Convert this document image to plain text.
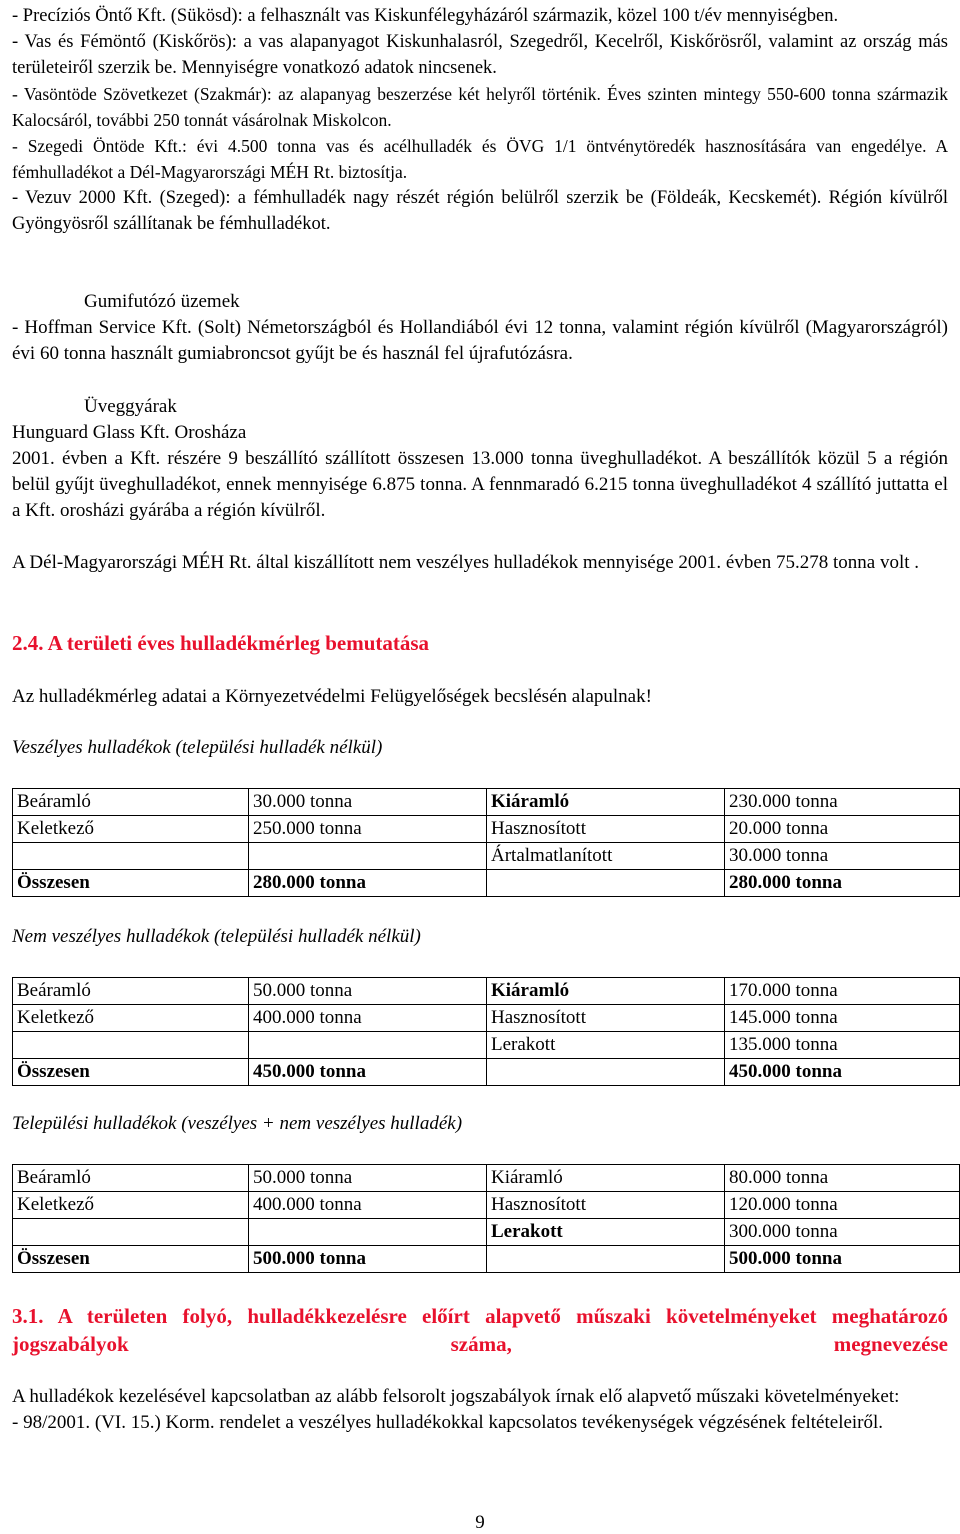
- Precíziós Öntő Kft. (Sükösd): a felhasznált vas Kiskunfélegyházáról származik, közel 100 t/év mennyiségben.

- Vas és Fémöntő (Kiskőrös): a vas alapanyagot Kiskunhalasról, Szegedről, Kecelről, Kiskőrösről, valamint az ország más területeiről szerzik be. Mennyiségre vonatkozó adatok nincsenek.

- Vasöntöde Szövetkezet (Szakmár): az alapanyag beszerzése két helyről történik. Éves szinten mintegy 550-600 tonna származik Kalocsáról, további 250 tonnát vásárolnak Miskolcon.

- Szegedi Öntöde Kft.: évi 4.500 tonna vas és acélhulladék és ÖVG 1/1 öntvénytöredék hasznosítására van engedélye. A fémhulladékot a Dél-Magyarországi MÉH Rt. biztosítja.

- Vezuv 2000 Kft. (Szeged): a fémhulladék nagy részét régión belülről szerzik be (Földeák, Kecskemét). Régión kívülről Gyöngyösről szállítanak be fémhulladékot.

Gumifutózó üzemek

- Hoffman Service Kft. (Solt) Németországból és Hollandiából évi 12 tonna, valamint régión kívülről (Magyarországról) évi 60 tonna használt gumiabroncsot gyűjt be és használ fel újrafutózásra.

Üveggyárak

Hunguard Glass Kft. Orosháza

2001. évben a Kft. részére 9 beszállító szállított összesen 13.000 tonna üveghulladékot. A beszállítók közül 5 a régión belül gyűjt üveghulladékot, ennek mennyisége 6.875 tonna. A fennmaradó 6.215 tonna üveghulladékot 4 szállító juttatta el a Kft. orosházi gyárába a régión kívülről.

A Dél-Magyarországi MÉH Rt. által kiszállított nem veszélyes hulladékok mennyisége 2001. évben 75.278 tonna volt .

2.4. A területi éves hulladékmérleg bemutatása
Az hulladékmérleg adatai a Környezetvédelmi Felügyelőségek becslésén alapulnak!
Veszélyes hulladékok (települési hulladék nélkül)
Beáramló	30.000 tonna	Kiáramló	230.000 tonna
Keletkező	250.000 tonna	Hasznosított	20.000 tonna
		Ártalmatlanított	30.000 tonna
Összesen	280.000 tonna		280.000 tonna
Nem veszélyes hulladékok (települési hulladék nélkül)
Beáramló	50.000 tonna	Kiáramló	170.000 tonna
Keletkező	400.000 tonna	Hasznosított	145.000 tonna
		Lerakott	135.000 tonna
Összesen	450.000 tonna		450.000 tonna
Települési hulladékok (veszélyes + nem veszélyes hulladék)
Beáramló	50.000 tonna	Kiáramló	80.000 tonna
Keletkező	400.000 tonna	Hasznosított	120.000 tonna
		Lerakott	300.000 tonna
Összesen	500.000 tonna		500.000 tonna
3.1. A területen folyó, hulladékkezelésre előírt alapvető műszaki követelményeket meghatározó jogszabályok száma, megnevezése

A hulladékok kezelésével kapcsolatban az alább felsorolt jogszabályok írnak elő alapvető műszaki követelményeket:

- 98/2001. (VI. 15.) Korm. rendelet a veszélyes hulladékokkal kapcsolatos tevékenységek végzésének feltételeiről.

9
